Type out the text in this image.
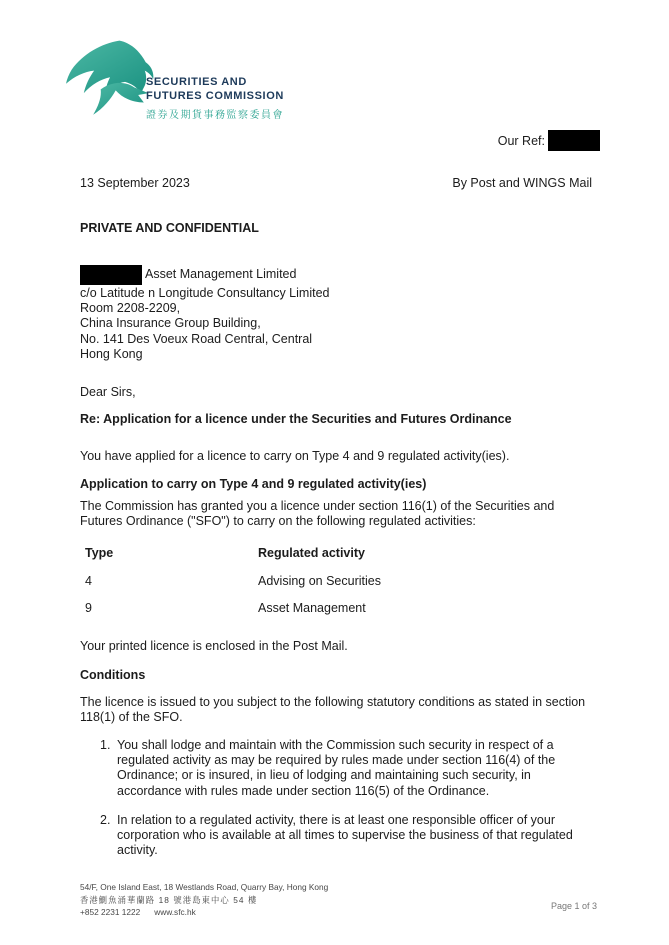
SECURITIES AND
FUTURES COMMISSION
證券及期貨事務監察委員會
Our Ref:
13 September 2023	By Post and WINGS Mail
PRIVATE AND CONFIDENTIAL
Asset Management Limited
c/o Latitude n Longitude Consultancy Limited
Room 2208-2209,
China Insurance Group Building,
No. 141 Des Voeux Road Central, Central
Hong Kong
Dear Sirs,
Re: Application for a licence under the Securities and Futures Ordinance
You have applied for a licence to carry on Type 4 and 9 regulated activity(ies).
Application to carry on Type 4 and 9 regulated activity(ies)
The Commission has granted you a licence under section 116(1) of the Securities and Futures Ordinance ("SFO") to carry on the following regulated activities:
Type	Regulated activity
4	Advising on Securities
9	Asset Management
Your printed licence is enclosed in the Post Mail.
Conditions
The licence is issued to you subject to the following statutory conditions as stated in section 118(1) of the SFO.
1. You shall lodge and maintain with the Commission such security in respect of a regulated activity as may be required by rules made under section 116(4) of the Ordinance; or is insured, in lieu of lodging and maintaining such security, in accordance with rules made under section 116(5) of the Ordinance.
2. In relation to a regulated activity, there is at least one responsible officer of your corporation who is available at all times to supervise the business of that regulated activity.
54/F, One Island East, 18 Westlands Road, Quarry Bay, Hong Kong
香港鰂魚涌華蘭路 18 號港島東中心 54 樓
+852 2231 1222 www.sfc.hk
Page 1 of 3
